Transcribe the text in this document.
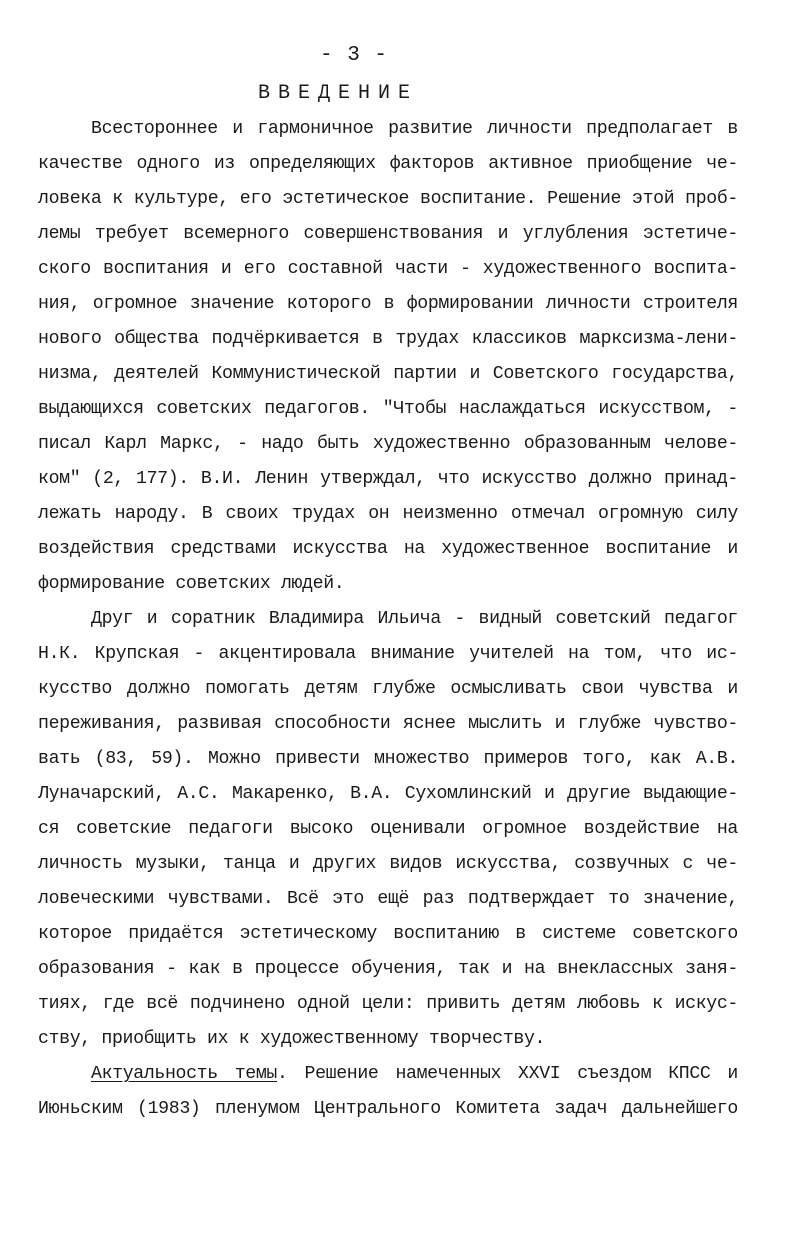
- 3 -
ВВЕДЕНИЕ
Всестороннее и гармоничное развитие личности предполагает в
качестве одного из определяющих факторов активное приобщение че-
ловека к культуре, его эстетическое воспитание. Решение этой проб-
лемы требует всемерного совершенствования и углубления эстетиче-
ского воспитания и его составной части - художественного воспита-
ния, огромное значение которого в формировании личности строителя
нового общества подчёркивается в трудах классиков марксизма-лени-
низма, деятелей Коммунистической партии и Советского государства,
выдающихся советских педагогов. "Чтобы наслаждаться искусством, -
писал Карл Маркс, - надо быть художественно образованным челове-
ком" (2, 177). В.И. Ленин утверждал, что искусство должно принад-
лежать народу. В своих трудах он неизменно отмечал огромную силу
воздействия средствами искусства на художественное воспитание и
формирование советских людей.
Друг и соратник Владимира Ильича - видный советский педагог
Н.К. Крупская - акцентировала внимание учителей на том, что ис-
кусство должно помогать детям глубже осмысливать свои чувства и
переживания, развивая способности яснее мыслить и глубже чувство-
вать (83, 59). Можно привести множество примеров того, как А.В.
Луначарский, А.С. Макаренко, В.А. Сухомлинский и другие выдающие-
ся советские педагоги высоко оценивали огромное воздействие на
личность музыки, танца и других видов искусства, созвучных с че-
ловеческими чувствами. Всё это ещё раз подтверждает то значение,
которое придаётся эстетическому воспитанию в системе советского
образования - как в процессе обучения, так и на внеклассных заня-
тиях, где всё подчинено одной цели: привить детям любовь к искус-
ству, приобщить их к художественному творчеству.
Актуальность темы. Решение намеченных XXVI съездом КПСС и
Июньским (1983) пленумом Центрального Комитета задач дальнейшего
